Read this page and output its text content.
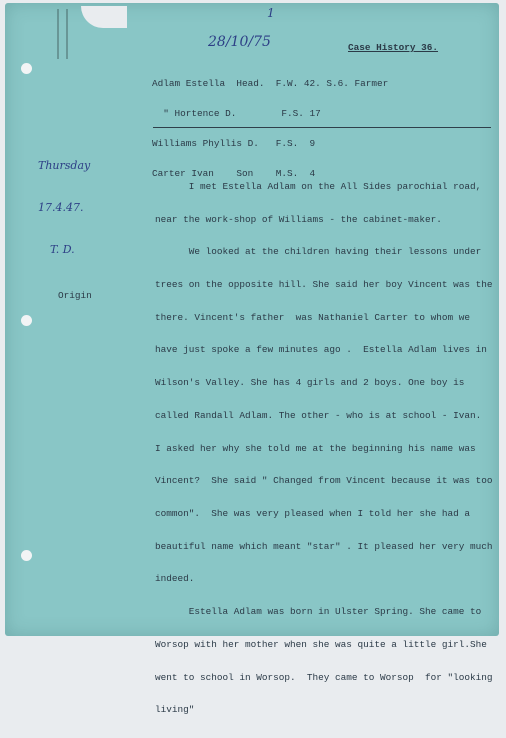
1
28/10/75	Case History 36.

Adlam Estella  Head.  F.W. 42. S.6. Farmer

" Hortence D.        F.S. 17

Williams Phyllis D.   F.S.  9

Carter Ivan    Son    M.S.  4

Thursday

17.4.47.

T. D.

I met Estella Adlam on the All Sides parochial road,

near the work-shop of Williams - the cabinet-maker.

We looked at the children having their lessons under

trees on the opposite hill. She said her boy Vincent was the

there. Vincent's father  was Nathaniel Carter to whom we

have just spoke a few minutes ago .  Estella Adlam lives in

Wilson's Valley. She has 4 girls and 2 boys. One boy is

called Randall Adlam. The other - who is at school - Ivan.

I asked her why she told me at the beginning his name was

Vincent?  She said " Changed from Vincent because it was too

common".  She was very pleased when I told her she had a

beautiful name which meant "star" . It pleased her very much

indeed.

Estella Adlam was born in Ulster Spring. She came to

Worsop with her mother when she was quite a little girl.She

went to school in Worsop.  They came to Worsop  for "looking

living"

Origin
